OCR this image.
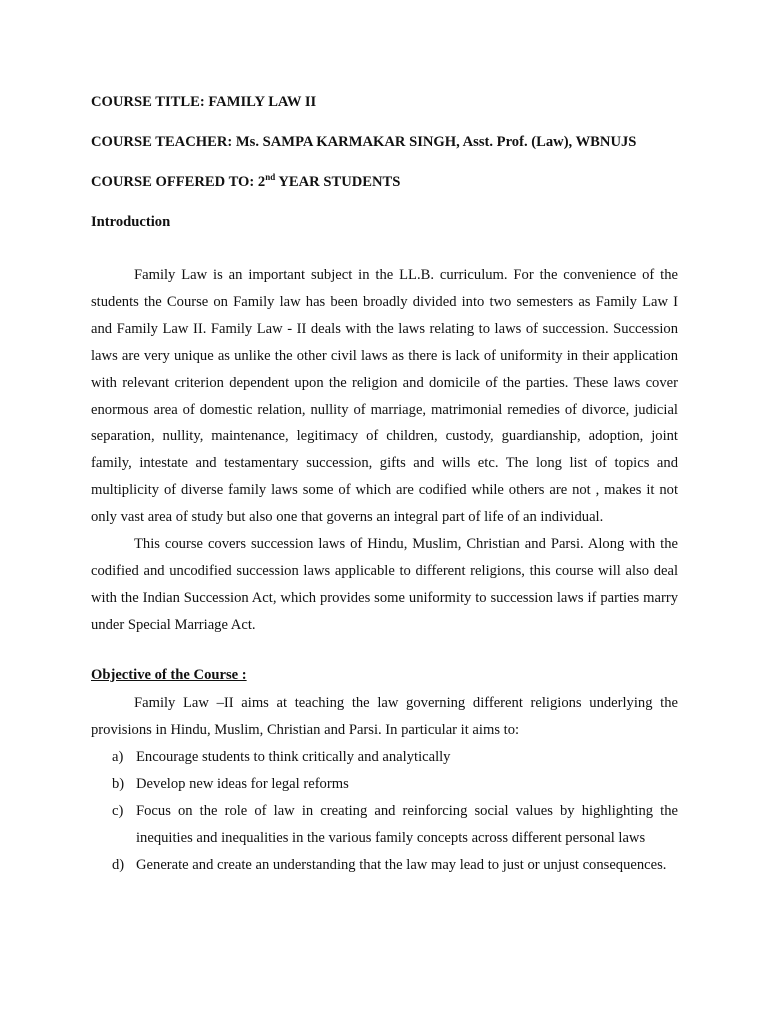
COURSE TITLE: FAMILY LAW II

COURSE TEACHER: Ms. SAMPA KARMAKAR SINGH, Asst. Prof. (Law), WBNUJS

COURSE OFFERED TO: 2nd YEAR STUDENTS

Introduction

Family Law is an important subject in the LL.B. curriculum. For the convenience of the students the Course on Family law has been broadly divided into two semesters as Family Law I and Family Law II. Family Law - II deals with the laws relating to laws of succession. Succession laws are very unique as unlike the other civil laws as there is lack of uniformity in their application with relevant criterion dependent upon the religion and domicile of the parties. These laws cover enormous area of domestic relation, nullity of marriage, matrimonial remedies of divorce, judicial separation, nullity, maintenance, legitimacy of children, custody, guardianship, adoption, joint family, intestate and testamentary succession, gifts and wills etc. The long list of topics and multiplicity of diverse family laws some of which are codified while others are not , makes it not only vast area of study but also one that governs an integral part of life of an individual.

This course covers succession laws of Hindu, Muslim, Christian and Parsi. Along with the codified and uncodified succession laws applicable to different religions, this course will also deal with the Indian Succession Act, which provides some uniformity to succession laws if parties marry under Special Marriage Act.

Objective of the Course :

Family Law –II aims at teaching the law governing different religions underlying the provisions in Hindu, Muslim, Christian and Parsi. In particular it aims to:

a) Encourage students to think critically and analytically
b) Develop new ideas for legal reforms
c) Focus on the role of law in creating and reinforcing social values by highlighting the inequities and inequalities in the various family concepts across different personal laws
d) Generate and create an understanding that the law may lead to just or unjust consequences.
